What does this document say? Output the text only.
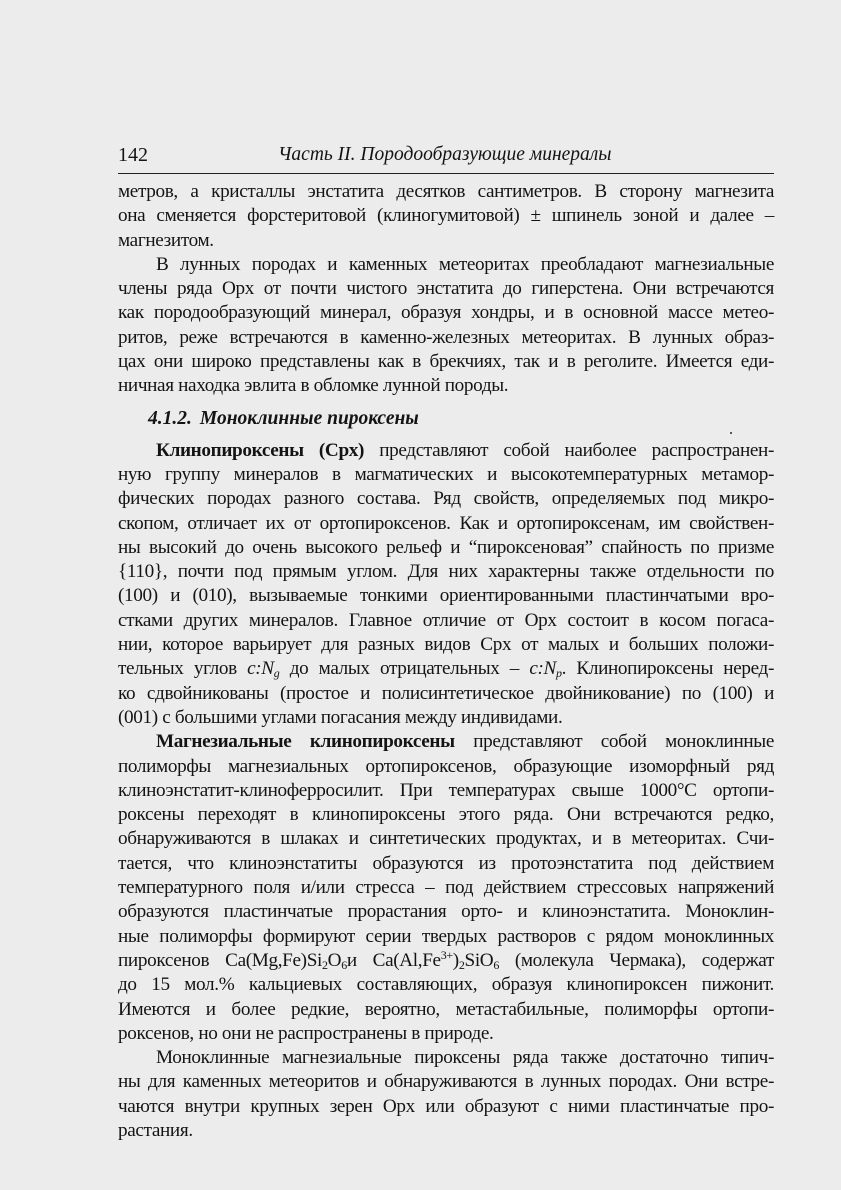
142	Часть II. Породообразующие минералы
метров, а кристаллы энстатита десятков сантиметров. В сторону магнезита
она сменяется форстеритовой (клиногумитовой) ± шпинель зоной и далее –
магнезитом.
В лунных породах и каменных метеоритах преобладают магнезиальные
члены ряда Орх от почти чистого энстатита до гиперстена. Они встречаются
как породообразующий минерал, образуя хондры, и в основной массе метео-
ритов, реже встречаются в каменно-железных метеоритах. В лунных образ-
цах они широко представлены как в брекчиях, так и в реголите. Имеется еди-
ничная находка эвлита в обломке лунной породы.
4.1.2. Моноклинные пироксены
Клинопироксены (Срх) представляют собой наиболее распространен-
ную группу минералов в магматических и высокотемпературных метамор-
фических породах разного состава. Ряд свойств, определяемых под микро-
скопом, отличает их от ортопироксенов. Как и ортопироксенам, им свойствен-
ны высокий до очень высокого рельеф и “пироксеновая” спайность по призме
{110}, почти под прямым углом. Для них характерны также отдельности по
(100) и (010), вызываемые тонкими ориентированными пластинчатыми вро-
стками других минералов. Главное отличие от Орх состоит в косом погаса-
нии, которое варьирует для разных видов Срх от малых и больших положи-
тельных углов $c:N_g$ до малых отрицательных – $c:N_p$. Клинопироксены неред-
ко сдвойникованы (простое и полисинтетическое двойникование) по (100) и
(001) с большими углами погасания между индивидами.
Магнезиальные клинопироксены представляют собой моноклинные
полиморфы магнезиальных ортопироксенов, образующие изоморфный ряд
клиноэнстатит-клиноферросилит. При температурах свыше 1000°С ортопи-
роксены переходят в клинопироксены этого ряда. Они встречаются редко,
обнаруживаются в шлаках и синтетических продуктах, и в метеоритах. Счи-
тается, что клиноэнстатиты образуются из протоэнстатита под действием
температурного поля и/или стресса – под действием стрессовых напряжений
образуются пластинчатые прорастания орто- и клиноэнстатита. Моноклин-
ные полиморфы формируют серии твердых растворов с рядом моноклинных
пироксенов $Ca(Mg,Fe)Si_2O_6и$ $Ca(Al,Fe^{3+})_2SiO_6$ (молекула Чермака), содержат
до 15 мол.% кальциевых составляющих, образуя клинопироксен пижонит.
Имеются и более редкие, вероятно, метастабильные, полиморфы ортопи-
роксенов, но они не распространены в природе.
Моноклинные магнезиальные пироксены ряда также достаточно типич-
ны для каменных метеоритов и обнаруживаются в лунных породах. Они встре-
чаются внутри крупных зерен Орх или образуют с ними пластинчатые про-
растания.
